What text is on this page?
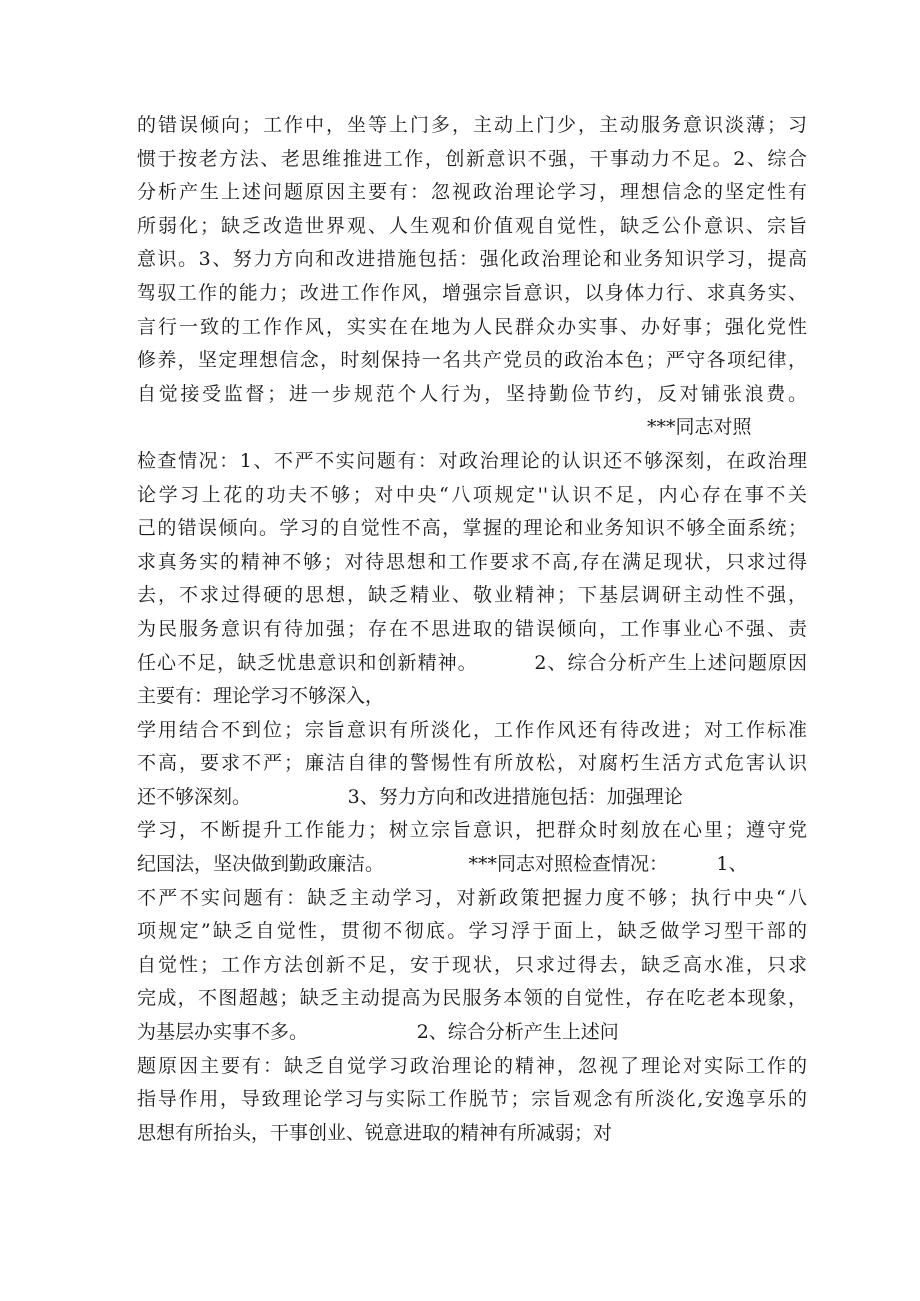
的错误倾向；工作中，坐等上门多，主动上门少，主动服务意识淡薄；习
惯于按老方法、老思维推进工作，创新意识不强，干事动力不足。2、综合
分析产生上述问题原因主要有：忽视政治理论学习，理想信念的坚定性有
所弱化；缺乏改造世界观、人生观和价值观自觉性，缺乏公仆意识、宗旨
意识。3、努力方向和改进措施包括：强化政治理论和业务知识学习，提高
驾驭工作的能力；改进工作作风，增强宗旨意识，以身体力行、求真务实、
言行一致的工作作风，实实在在地为人民群众办实事、办好事；强化党性
修养，坚定理想信念，时刻保持一名共产党员的政治本色；严守各项纪律，
自觉接受监督；进一步规范个人行为，坚持勤俭节约，反对铺张浪费。
***同志对照
检查情况：1、不严不实问题有：对政治理论的认识还不够深刻，在政治理
论学习上花的功夫不够；对中央“八项规定''认识不足，内心存在事不关
己的错误倾向。学习的自觉性不高，掌握的理论和业务知识不够全面系统；
求真务实的精神不够；对待思想和工作要求不高,存在满足现状，只求过得
去，不求过得硬的思想，缺乏精业、敬业精神；下基层调研主动性不强，
为民服务意识有待加强；存在不思进取的错误倾向，工作事业心不强、责
任心不足，缺乏忧患意识和创新精神。        2、综合分析产生上述问题原因
主要有：理论学习不够深入，
学用结合不到位；宗旨意识有所淡化，工作作风还有待改进；对工作标准
不高，要求不严；廉洁自律的警惕性有所放松，对腐朽生活方式危害认识
还不够深刻。                3、努力方向和改进措施包括：加强理论
学习，不断提升工作能力；树立宗旨意识，把群众时刻放在心里；遵守党
纪国法，坚决做到勤政廉洁。              ***同志对照检查情况：        1、
不严不实问题有：缺乏主动学习，对新政策把握力度不够；执行中央“八
项规定”缺乏自觉性，贯彻不彻底。学习浮于面上，缺乏做学习型干部的
自觉性；工作方法创新不足，安于现状，只求过得去，缺乏高水准，只求
完成，不图超越；缺乏主动提高为民服务本领的自觉性，存在吃老本现象，
为基层办实事不多。                  2、综合分析产生上述问
题原因主要有：缺乏自觉学习政治理论的精神，忽视了理论对实际工作的
指导作用，导致理论学习与实际工作脱节；宗旨观念有所淡化,安逸享乐的
思想有所抬头，干事创业、锐意进取的精神有所减弱；对
